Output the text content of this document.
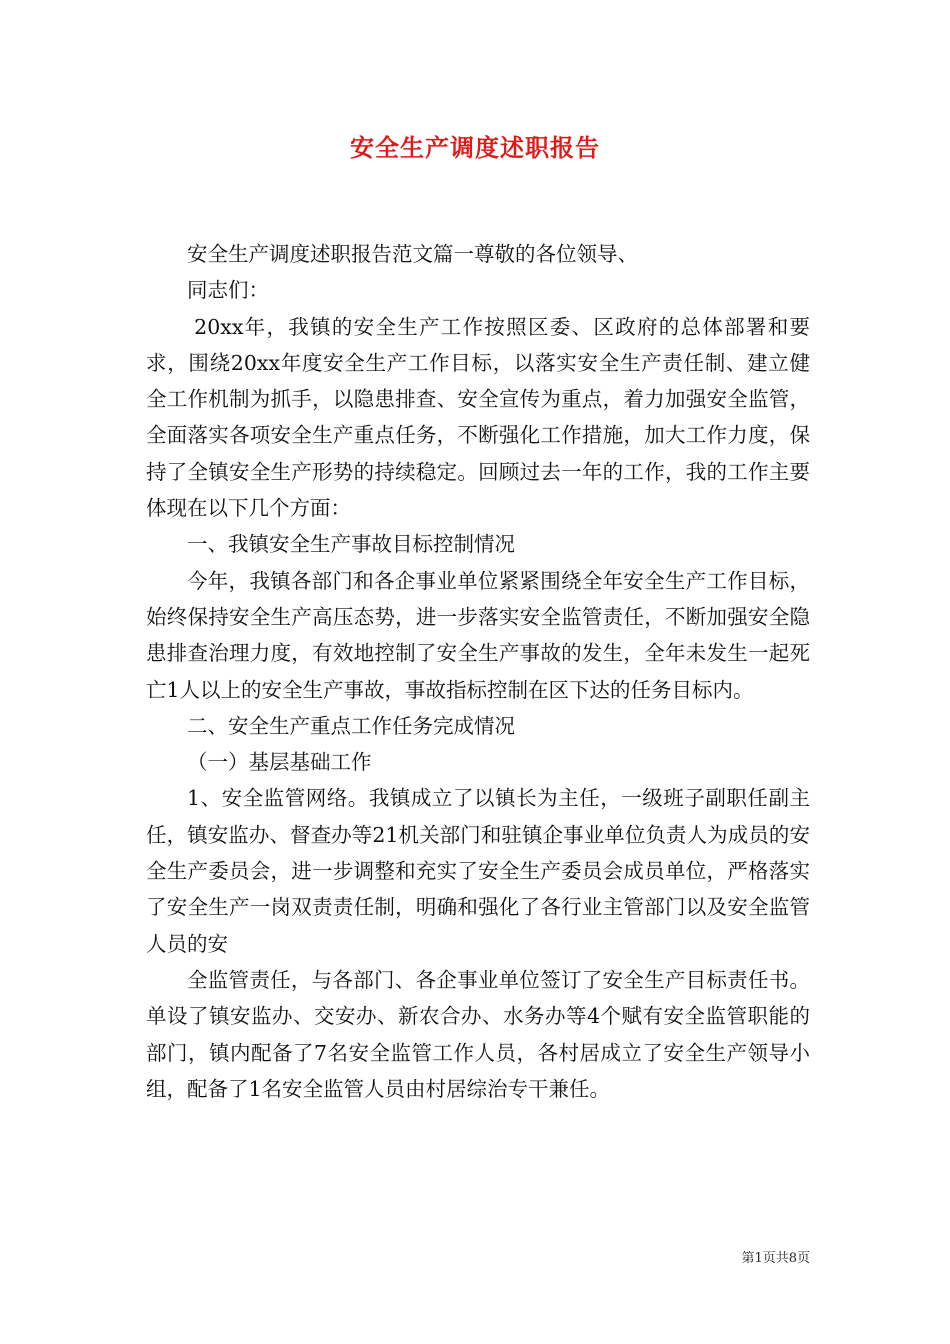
安全生产调度述职报告

安全生产调度述职报告范文篇一尊敬的各位领导、

同志们：

20xx年，我镇的安全生产工作按照区委、区政府的总体部署和要求，围绕20xx年度安全生产工作目标，以落实安全生产责任制、建立健全工作机制为抓手，以隐患排查、安全宣传为重点，着力加强安全监管，全面落实各项安全生产重点任务，不断强化工作措施，加大工作力度，保持了全镇安全生产形势的持续稳定。回顾过去一年的工作，我的工作主要体现在以下几个方面：

一、我镇安全生产事故目标控制情况

今年，我镇各部门和各企事业单位紧紧围绕全年安全生产工作目标，始终保持安全生产高压态势，进一步落实安全监管责任，不断加强安全隐患排查治理力度，有效地控制了安全生产事故的发生，全年未发生一起死亡1人以上的安全生产事故，事故指标控制在区下达的任务目标内。

二、安全生产重点工作任务完成情况

（一）基层基础工作

1、安全监管网络。我镇成立了以镇长为主任，一级班子副职任副主任，镇安监办、督查办等21机关部门和驻镇企事业单位负责人为成员的安全生产委员会，进一步调整和充实了安全生产委员会成员单位，严格落实了安全生产一岗双责责任制，明确和强化了各行业主管部门以及安全监管人员的安

全监管责任，与各部门、各企事业单位签订了安全生产目标责任书。单设了镇安监办、交安办、新农合办、水务办等4个赋有安全监管职能的部门，镇内配备了7名安全监管工作人员，各村居成立了安全生产领导小组，配备了1名安全监管人员由村居综治专干兼任。

第1页共8页
